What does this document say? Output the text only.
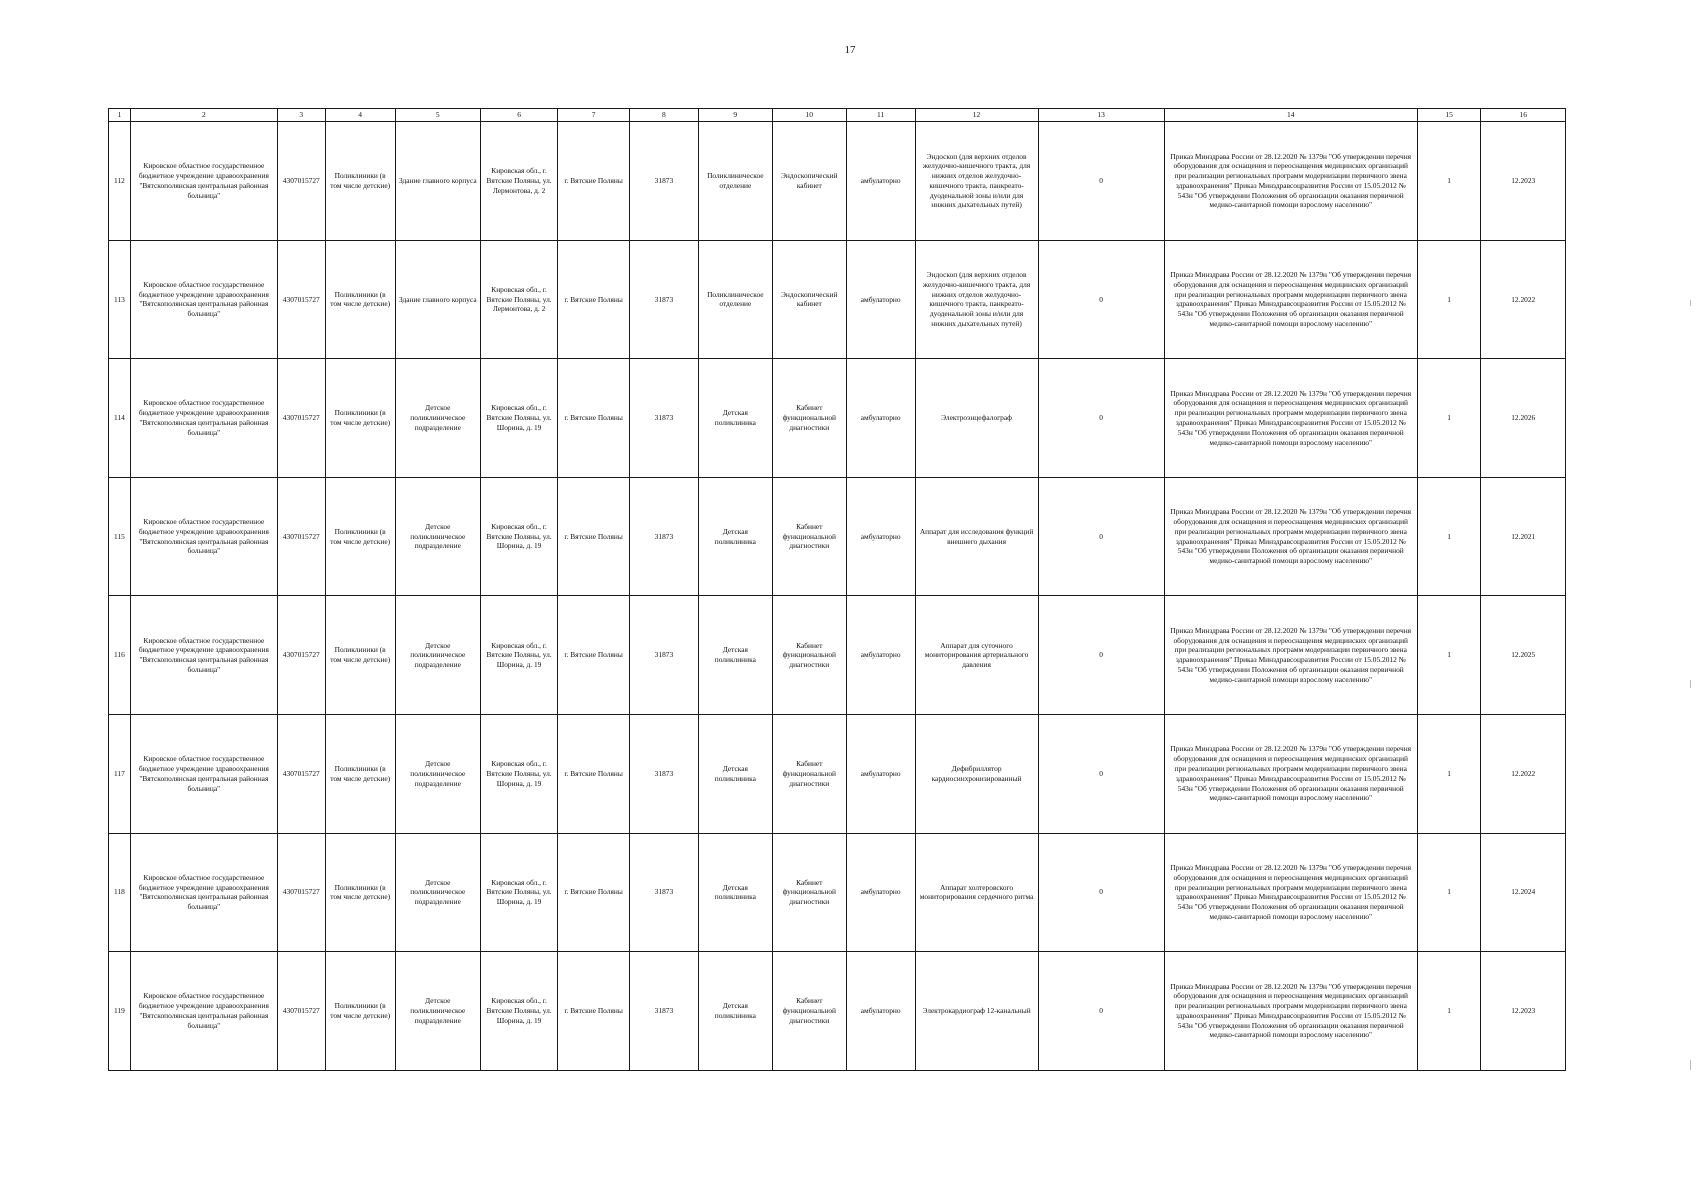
17
1	2	3	4	5	6	7	8	9	10	11	12	13	14	15	16
112	Кировское областное государственное бюджетное учреждение здравоохранения "Вятскополянская центральная районная больница"	4307015727	Поликлиники (в том числе детские)	Здание главного корпуса	Кировская обл., г. Вятские Поляны, ул. Лермонтова, д. 2	г. Вятские Поляны	31873	Поликлиническое отделение	Эндоскопический кабинет	амбулаторно	Эндоскоп (для верхних отделов желудочно-кишечного тракта, для нижних отделов желудочно-кишечного тракта, панкреато-дуоденальной зоны и/или для нижних дыхательных путей)	0	Приказ Минздрава России от 28.12.2020 № 1379н "Об утверждении перечня оборудования для оснащения и переоснащения медицинских организаций при реализации региональных программ модернизации первичного звена здравоохранения" Приказ Минздравсоцразвития России от 15.05.2012 № 543н "Об утверждении Положения об организации оказания первичной медико-санитарной помощи взрослому населению"	1	12.2023
113	Кировское областное государственное бюджетное учреждение здравоохранения "Вятскополянская центральная районная больница"	4307015727	Поликлиники (в том числе детские)	Здание главного корпуса	Кировская обл., г. Вятские Поляны, ул. Лермонтова, д. 2	г. Вятские Поляны	31873	Поликлиническое отделение	Эндоскопический кабинет	амбулаторно	Эндоскоп (для верхних отделов желудочно-кишечного тракта, для нижних отделов желудочно-кишечного тракта, панкреато-дуоденальной зоны и/или для нижних дыхательных путей)	0	Приказ Минздрава России от 28.12.2020 № 1379н "Об утверждении перечня оборудования для оснащения и переоснащения медицинских организаций при реализации региональных программ модернизации первичного звена здравоохранения" Приказ Минздравсоцразвития России от 15.05.2012 № 543н "Об утверждении Положения об организации оказания первичной медико-санитарной помощи взрослому населению"	1	12.2022
114	Кировское областное государственное бюджетное учреждение здравоохранения "Вятскополянская центральная районная больница"	4307015727	Поликлиники (в том числе детские)	Детское поликлиническое подразделение	Кировская обл., г. Вятские Поляны, ул. Шорина, д. 19	г. Вятские Поляны	31873	Детская поликлиника	Кабинет функциональной диагностики	амбулаторно	Электроэнцефалограф	0	Приказ Минздрава России от 28.12.2020 № 1379н "Об утверждении перечня оборудования для оснащения и переоснащения медицинских организаций при реализации региональных программ модернизации первичного звена здравоохранения" Приказ Минздравсоцразвития России от 15.05.2012 № 543н "Об утверждении Положения об организации оказания первичной медико-санитарной помощи взрослому населению"	1	12.2026
115	Кировское областное государственное бюджетное учреждение здравоохранения "Вятскополянская центральная районная больница"	4307015727	Поликлиники (в том числе детские)	Детское поликлиническое подразделение	Кировская обл., г. Вятские Поляны, ул. Шорина, д. 19	г. Вятские Поляны	31873	Детская поликлиника	Кабинет функциональной диагностики	амбулаторно	Аппарат для исследования функций внешнего дыхания	0	Приказ Минздрава России от 28.12.2020 № 1379н "Об утверждении перечня оборудования для оснащения и переоснащения медицинских организаций при реализации региональных программ модернизации первичного звена здравоохранения" Приказ Минздравсоцразвития России от 15.05.2012 № 543н "Об утверждении Положения об организации оказания первичной медико-санитарной помощи взрослому населению"	1	12.2021
116	Кировское областное государственное бюджетное учреждение здравоохранения "Вятскополянская центральная районная больница"	4307015727	Поликлиники (в том числе детские)	Детское поликлиническое подразделение	Кировская обл., г. Вятские Поляны, ул. Шорина, д. 19	г. Вятские Поляны	31873	Детская поликлиника	Кабинет функциональной диагностики	амбулаторно	Аппарат для суточного мониторирования артериального давления	0	Приказ Минздрава России от 28.12.2020 № 1379н "Об утверждении перечня оборудования для оснащения и переоснащения медицинских организаций при реализации региональных программ модернизации первичного звена здравоохранения" Приказ Минздравсоцразвития России от 15.05.2012 № 543н "Об утверждении Положения об организации оказания первичной медико-санитарной помощи взрослому населению"	1	12.2025
117	Кировское областное государственное бюджетное учреждение здравоохранения "Вятскополянская центральная районная больница"	4307015727	Поликлиники (в том числе детские)	Детское поликлиническое подразделение	Кировская обл., г. Вятские Поляны, ул. Шорина, д. 19	г. Вятские Поляны	31873	Детская поликлиника	Кабинет функциональной диагностики	амбулаторно	Дефибриллятор кардиосинхронизированный	0	Приказ Минздрава России от 28.12.2020 № 1379н "Об утверждении перечня оборудования для оснащения и переоснащения медицинских организаций при реализации региональных программ модернизации первичного звена здравоохранения" Приказ Минздравсоцразвития России от 15.05.2012 № 543н "Об утверждении Положения об организации оказания первичной медико-санитарной помощи взрослому населению"	1	12.2022
118	Кировское областное государственное бюджетное учреждение здравоохранения "Вятскополянская центральная районная больница"	4307015727	Поликлиники (в том числе детские)	Детское поликлиническое подразделение	Кировская обл., г. Вятские Поляны, ул. Шорина, д. 19	г. Вятские Поляны	31873	Детская поликлиника	Кабинет функциональной диагностики	амбулаторно	Аппарат холтеровского мониторирования сердечного ритма	0	Приказ Минздрава России от 28.12.2020 № 1379н "Об утверждении перечня оборудования для оснащения и переоснащения медицинских организаций при реализации региональных программ модернизации первичного звена здравоохранения" Приказ Минздравсоцразвития России от 15.05.2012 № 543н "Об утверждении Положения об организации оказания первичной медико-санитарной помощи взрослому населению"	1	12.2024
119	Кировское областное государственное бюджетное учреждение здравоохранения "Вятскополянская центральная районная больница"	4307015727	Поликлиники (в том числе детские)	Детское поликлиническое подразделение	Кировская обл., г. Вятские Поляны, ул. Шорина, д. 19	г. Вятские Поляны	31873	Детская поликлиника	Кабинет функциональной диагностики	амбулаторно	Электрокардиограф 12-канальный	0	Приказ Минздрава России от 28.12.2020 № 1379н "Об утверждении перечня оборудования для оснащения и переоснащения медицинских организаций при реализации региональных программ модернизации первичного звена здравоохранения" Приказ Минздравсоцразвития России от 15.05.2012 № 543н "Об утверждении Положения об организации оказания первичной медико-санитарной помощи взрослому населению"	1	12.2023
